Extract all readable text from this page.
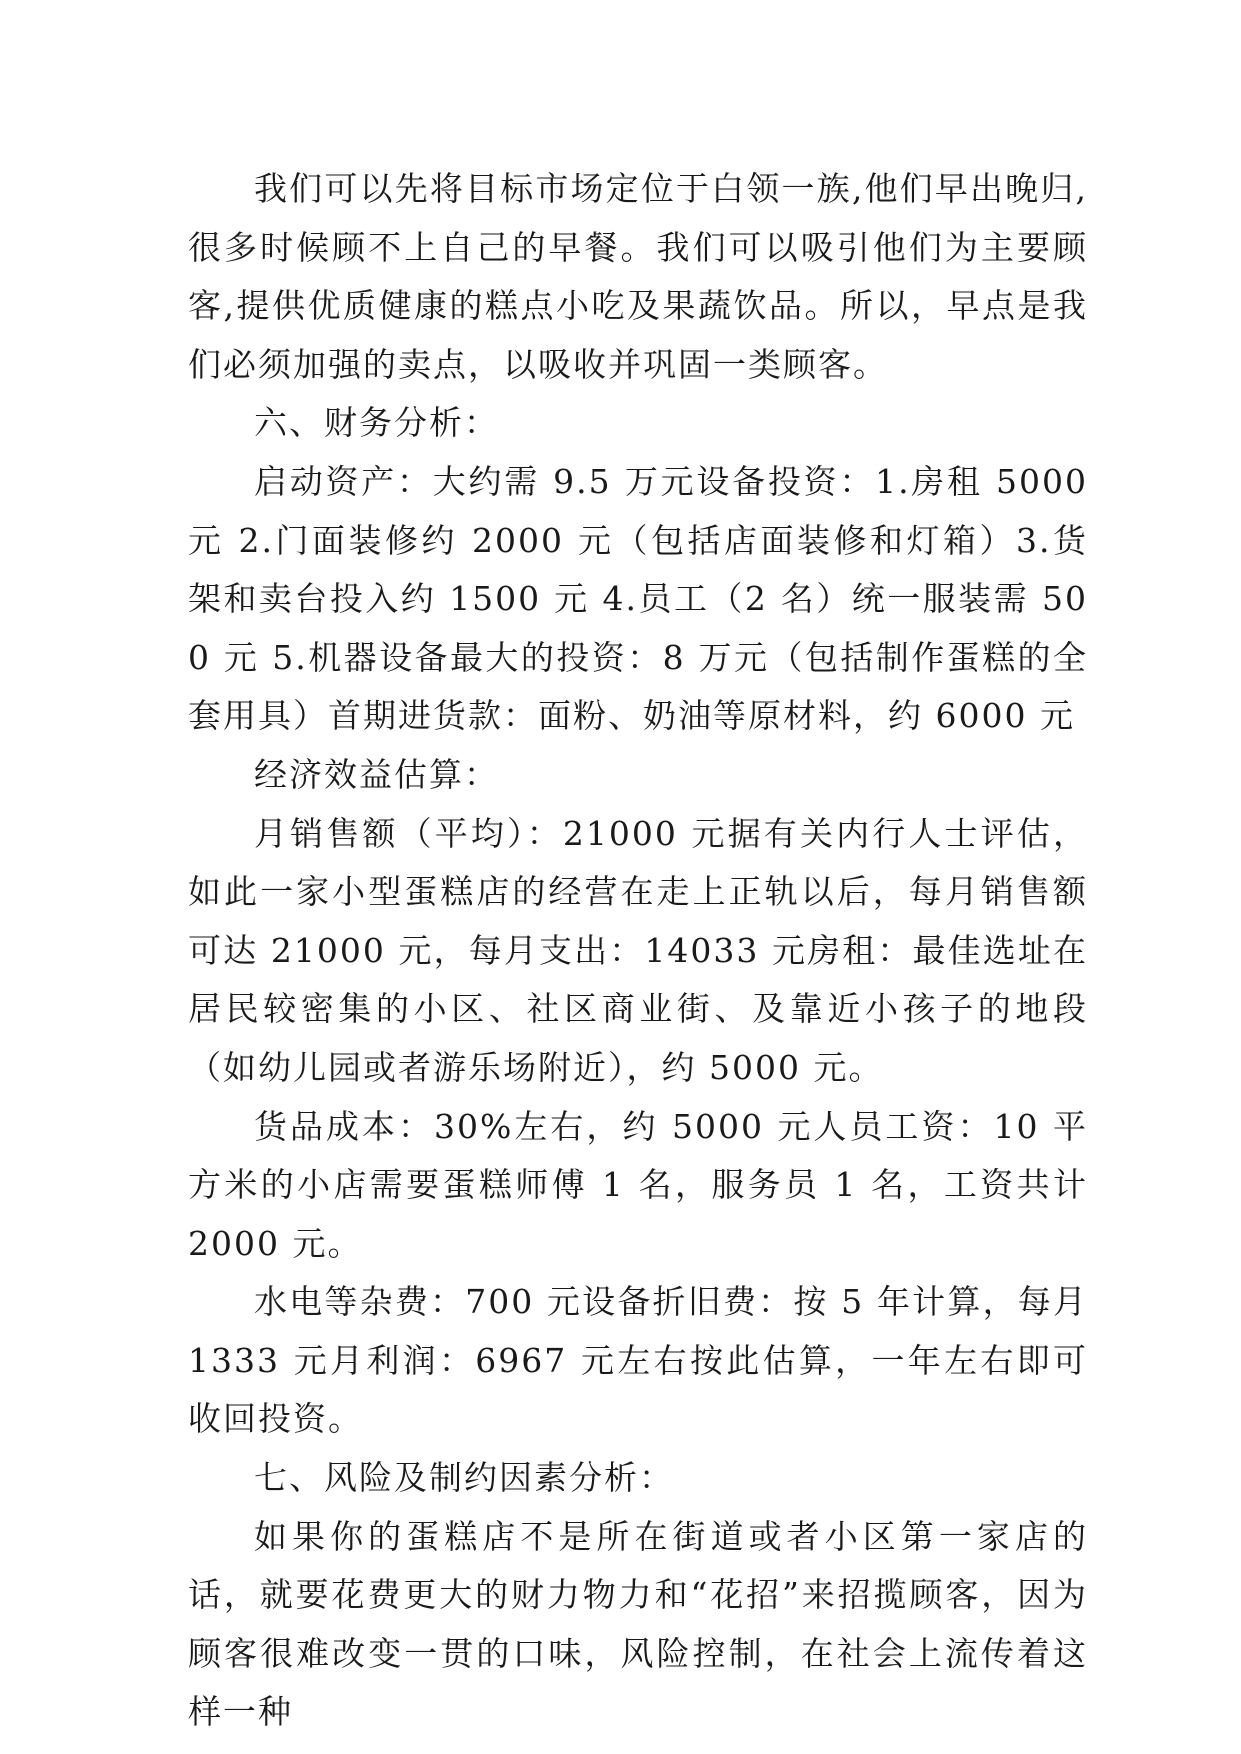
我们可以先将目标市场定位于白领一族,他们早出晚归,很多时候顾不上自己的早餐。我们可以吸引他们为主要顾客,提供优质健康的糕点小吃及果蔬饮品。所以，早点是我们必须加强的卖点，以吸收并巩固一类顾客。

六、财务分析：

启动资产：大约需 9.5 万元设备投资：1.房租 5000 元 2.门面装修约 2000 元（包括店面装修和灯箱）3.货架和卖台投入约 1500 元 4.员工（2 名）统一服装需 500 元 5.机器设备最大的投资：8 万元（包括制作蛋糕的全套用具）首期进货款：面粉、奶油等原材料，约 6000 元

经济效益估算：

月销售额（平均）：21000 元据有关内行人士评估，如此一家小型蛋糕店的经营在走上正轨以后，每月销售额可达 21000 元，每月支出：14033 元房租：最佳选址在居民较密集的小区、社区商业街、及靠近小孩子的地段（如幼儿园或者游乐场附近），约 5000 元。

货品成本：30%左右，约 5000 元人员工资：10 平方米的小店需要蛋糕师傅 1 名，服务员 1 名，工资共计 2000 元。

水电等杂费：700 元设备折旧费：按 5 年计算，每月 1333 元月利润：6967 元左右按此估算，一年左右即可收回投资。

七、风险及制约因素分析：

如果你的蛋糕店不是所在街道或者小区第一家店的话，就要花费更大的财力物力和“花招”来招揽顾客，因为顾客很难改变一贯的口味，风险控制，在社会上流传着这样一种
